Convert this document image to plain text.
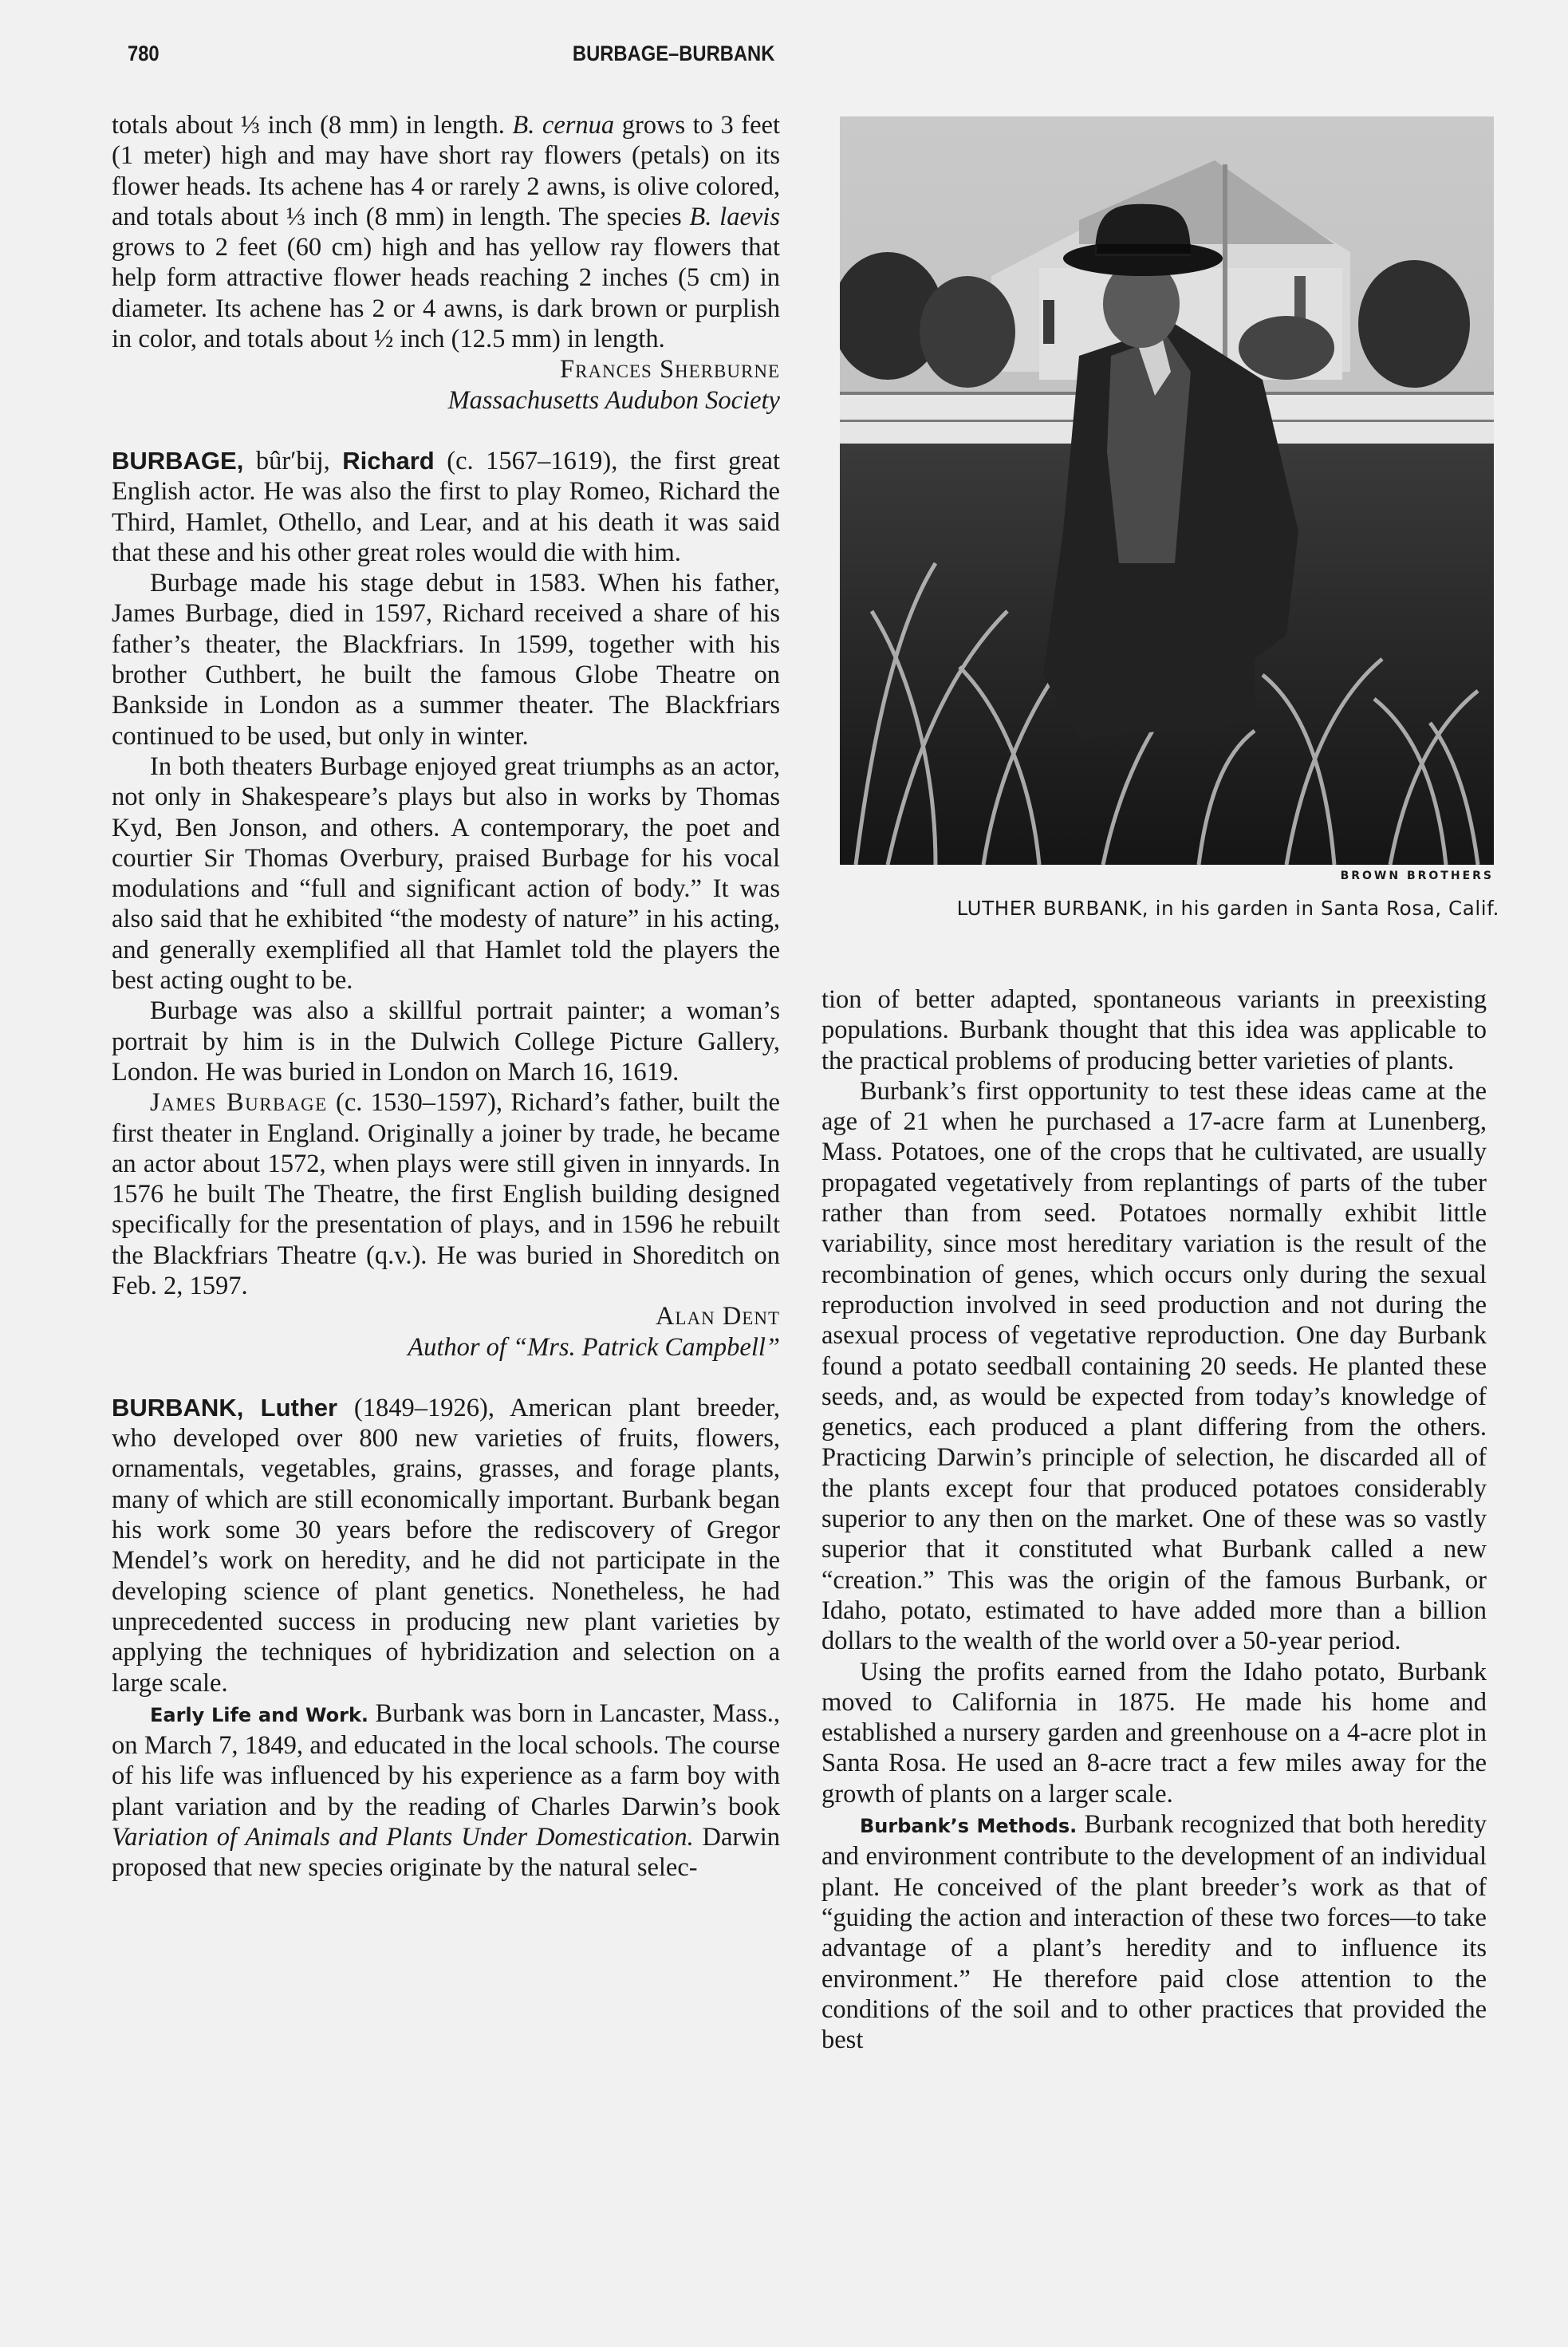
780	BURBAGE–BURBANK

totals about ⅓ inch (8 mm) in length. B. cernua grows to 3 feet (1 meter) high and may have short ray flowers (petals) on its flower heads. Its achene has 4 or rarely 2 awns, is olive colored, and totals about ⅓ inch (8 mm) in length. The species B. laevis grows to 2 feet (60 cm) high and has yellow ray flowers that help form attractive flower heads reaching 2 inches (5 cm) in diameter. Its achene has 2 or 4 awns, is dark brown or purplish in color, and totals about ½ inch (12.5 mm) in length.

Frances Sherburne
Massachusetts Audubon Society

BURBAGE, bûr′bij, Richard (c. 1567–1619), the first great English actor. He was also the first to play Romeo, Richard the Third, Hamlet, Othello, and Lear, and at his death it was said that these and his other great roles would die with him.

Burbage made his stage debut in 1583. When his father, James Burbage, died in 1597, Richard received a share of his father’s theater, the Blackfriars. In 1599, together with his brother Cuthbert, he built the famous Globe Theatre on Bankside in London as a summer theater. The Blackfriars continued to be used, but only in winter.

In both theaters Burbage enjoyed great triumphs as an actor, not only in Shakespeare’s plays but also in works by Thomas Kyd, Ben Jonson, and others. A contemporary, the poet and courtier Sir Thomas Overbury, praised Burbage for his vocal modulations and “full and significant action of body.” It was also said that he exhibited “the modesty of nature” in his acting, and generally exemplified all that Hamlet told the players the best acting ought to be.

Burbage was also a skillful portrait painter; a woman’s portrait by him is in the Dulwich College Picture Gallery, London. He was buried in London on March 16, 1619.

James Burbage (c. 1530–1597), Richard’s father, built the first theater in England. Originally a joiner by trade, he became an actor about 1572, when plays were still given in innyards. In 1576 he built The Theatre, the first English building designed specifically for the presentation of plays, and in 1596 he rebuilt the Blackfriars Theatre (q.v.). He was buried in Shoreditch on Feb. 2, 1597.

Alan Dent
Author of “Mrs. Patrick Campbell”

BURBANK, Luther (1849–1926), American plant breeder, who developed over 800 new varieties of fruits, flowers, ornamentals, vegetables, grains, grasses, and forage plants, many of which are still economically important. Burbank began his work some 30 years before the rediscovery of Gregor Mendel’s work on heredity, and he did not participate in the developing science of plant genetics. Nonetheless, he had unprecedented success in producing new plant varieties by applying the techniques of hybridization and selection on a large scale.

Early Life and Work. Burbank was born in Lancaster, Mass., on March 7, 1849, and educated in the local schools. The course of his life was influenced by his experience as a farm boy with plant variation and by the reading of Charles Darwin’s book Variation of Animals and Plants Under Domestication. Darwin proposed that new species originate by the natural selec-

BROWN BROTHERS
LUTHER BURBANK, in his garden in Santa Rosa, Calif.

tion of better adapted, spontaneous variants in preexisting populations. Burbank thought that this idea was applicable to the practical problems of producing better varieties of plants.

Burbank’s first opportunity to test these ideas came at the age of 21 when he purchased a 17-acre farm at Lunenberg, Mass. Potatoes, one of the crops that he cultivated, are usually propagated vegetatively from replantings of parts of the tuber rather than from seed. Potatoes normally exhibit little variability, since most hereditary variation is the result of the recombination of genes, which occurs only during the sexual reproduction involved in seed production and not during the asexual process of vegetative reproduction. One day Burbank found a potato seedball containing 20 seeds. He planted these seeds, and, as would be expected from today’s knowledge of genetics, each produced a plant differing from the others. Practicing Darwin’s principle of selection, he discarded all of the plants except four that produced potatoes considerably superior to any then on the market. One of these was so vastly superior that it constituted what Burbank called a new “creation.” This was the origin of the famous Burbank, or Idaho, potato, estimated to have added more than a billion dollars to the wealth of the world over a 50-year period.

Using the profits earned from the Idaho potato, Burbank moved to California in 1875. He made his home and established a nursery garden and greenhouse on a 4-acre plot in Santa Rosa. He used an 8-acre tract a few miles away for the growth of plants on a larger scale.

Burbank’s Methods. Burbank recognized that both heredity and environment contribute to the development of an individual plant. He conceived of the plant breeder’s work as that of “guiding the action and interaction of these two forces—to take advantage of a plant’s heredity and to influence its environment.” He therefore paid close attention to the conditions of the soil and to other practices that provided the best
